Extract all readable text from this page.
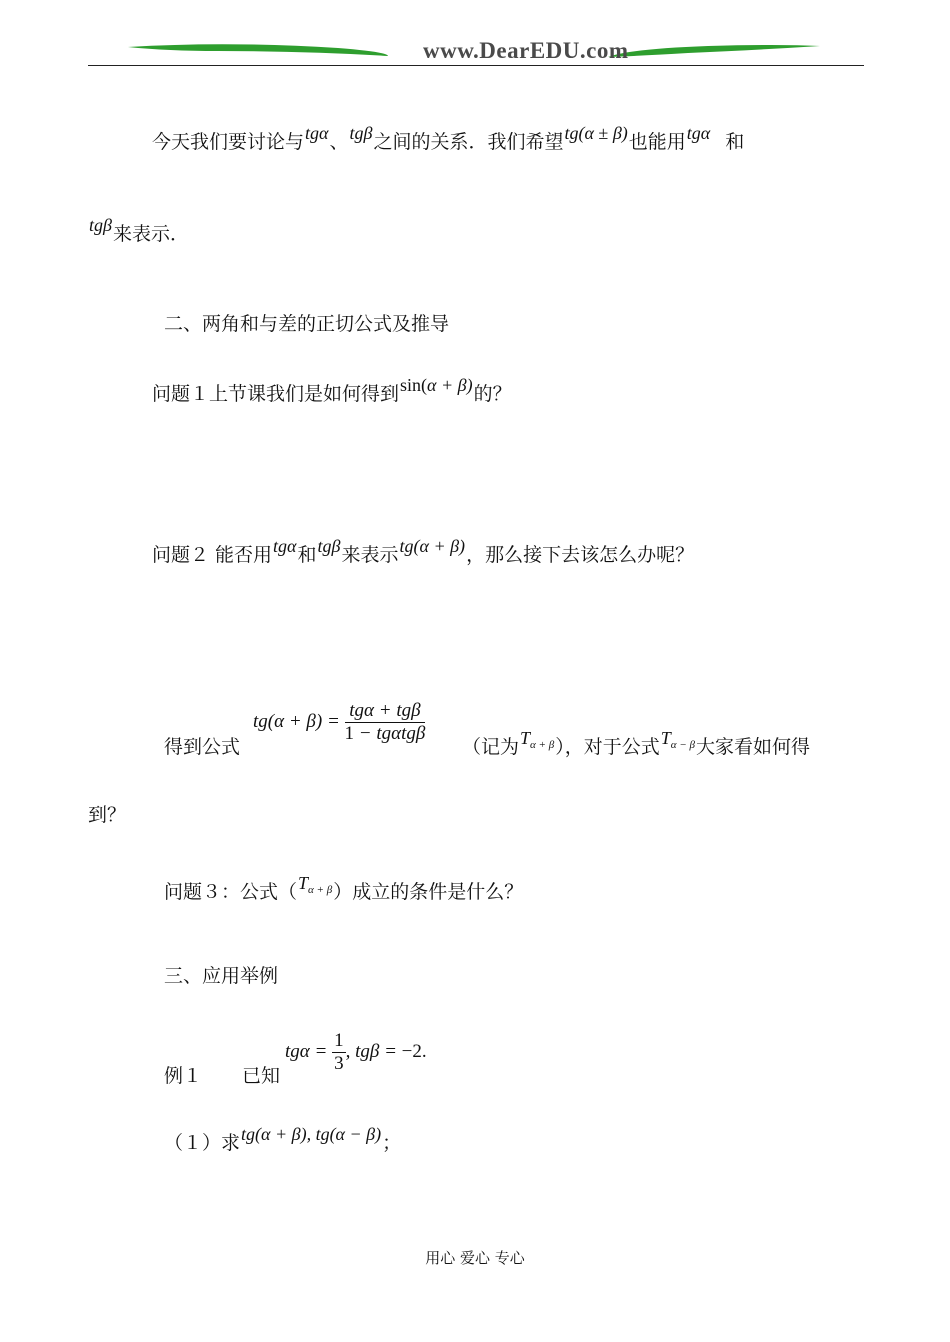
www.DearEDU.com
今天我们要讨论与tgα、tgβ之间的关系．我们希望tg(α ± β)也能用tgα 和
tgβ来表示．
二、两角和与差的正切公式及推导
问题１上节课我们是如何得到sin(α + β)的？
问题２ 能否用tgα和tgβ来表示tg(α + β)，那么接下去该怎么办呢？
得到公式
$tg(\alpha + \beta) = \frac{\text{tgα + tgβ}}{\text{1 − tgαtgβ}}$
（记为$T_{\alpha + \beta}$），对于公式$T_{\alpha - \beta}$大家看如何得
到？
问题３：公式$(T_{\alpha + \beta})$成立的条件是什么？
三、应用举例
例１ 已知
$tg\alpha = \frac{1}{3}$ , tgβ = −2.
（１）求tg(α + β), tg(α − β)；
用心 爱心 专心
